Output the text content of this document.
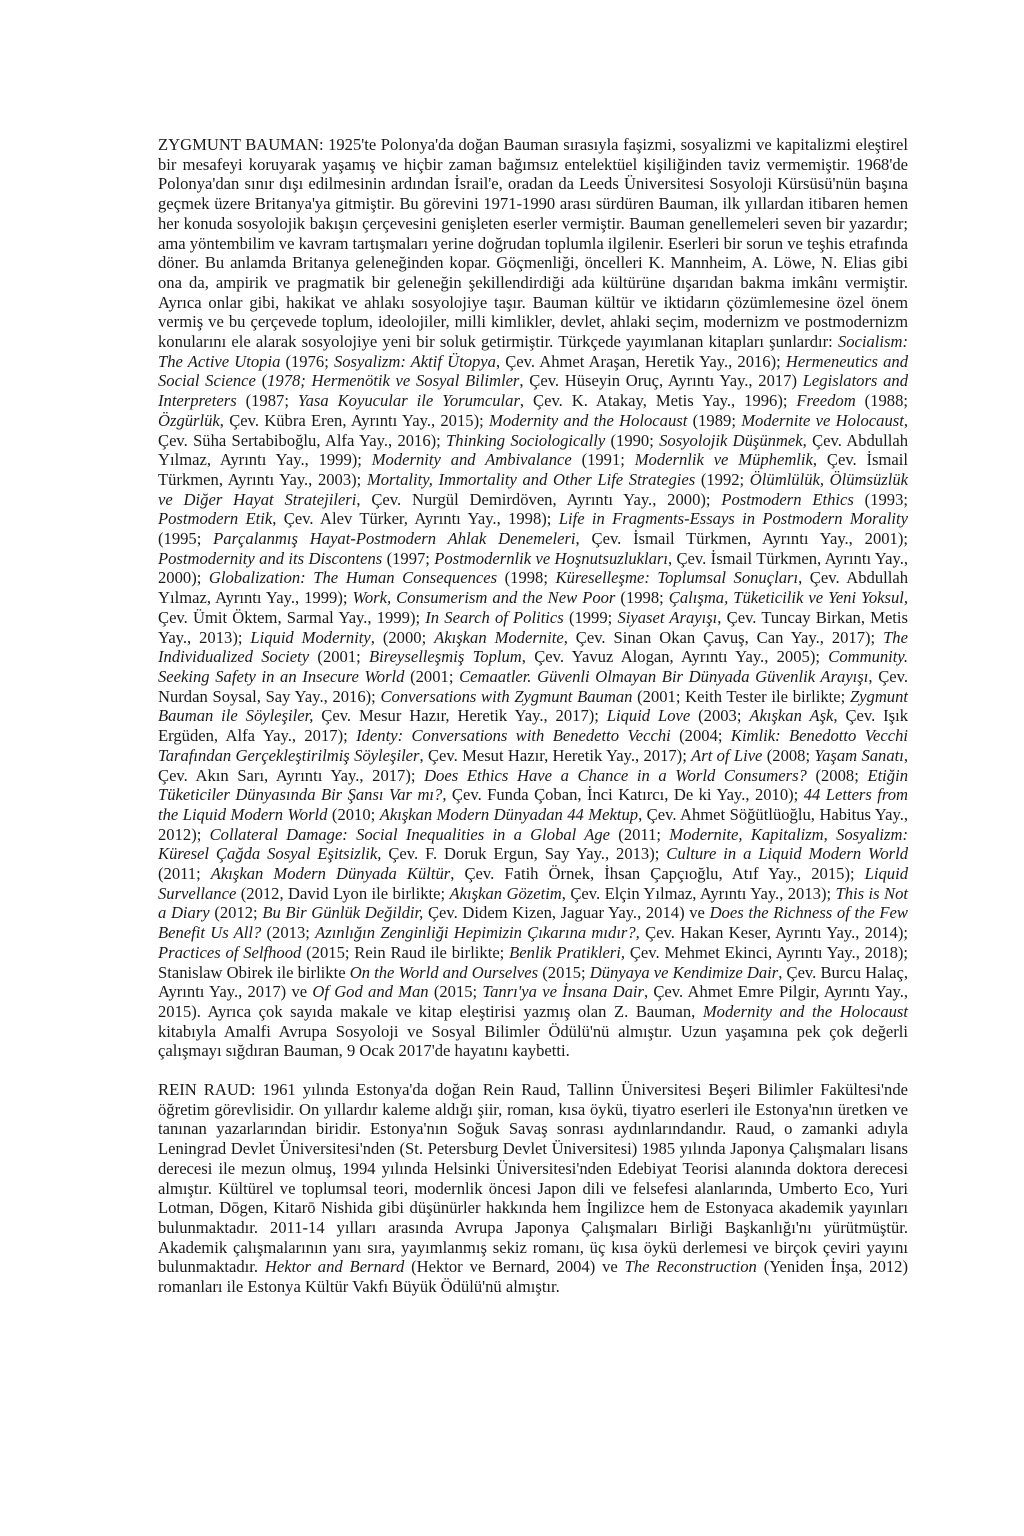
ZYGMUNT BAUMAN: 1925'te Polonya'da doğan Bauman sırasıyla faşizmi, sosyalizmi ve kapitalizmi eleştirel bir mesafeyi koruyarak yaşamış ve hiçbir zaman bağımsız entelektüel kişiliğinden taviz vermemiştir. 1968'de Polonya'dan sınır dışı edilmesinin ardından İsrail'e, oradan da Leeds Üniversitesi Sosyoloji Kürsüsü'nün başına geçmek üzere Britanya'ya gitmiştir. Bu görevini 1971-1990 arası sürdüren Bauman, ilk yıllardan itibaren hemen her konuda sosyolojik bakışın çerçevesini genişleten eserler vermiştir. Bauman genellemeleri seven bir yazardır; ama yöntembilim ve kavram tartışmaları yerine doğrudan toplumla ilgilenir. Eserleri bir sorun ve teşhis etrafında döner. Bu anlamda Britanya geleneğinden kopar. Göçmenliği, öncelleri K. Mannheim, A. Löwe, N. Elias gibi ona da, ampirik ve pragmatik bir geleneğin şekillendirdiği ada kültürüne dışarıdan bakma imkânı vermiştir. Ayrıca onlar gibi, hakikat ve ahlakı sosyolojiye taşır. Bauman kültür ve iktidarın çözümlemesine özel önem vermiş ve bu çerçevede toplum, ideolojiler, milli kimlikler, devlet, ahlaki seçim, modernizm ve postmodernizm konularını ele alarak sosyolojiye yeni bir soluk getirmiştir. Türkçede yayımlanan kitapları şunlardır: Socialism: The Active Utopia (1976; Sosyalizm: Aktif Ütopya, Çev. Ahmet Araşan, Heretik Yay., 2016); Hermeneutics and Social Science (1978; Hermenötik ve Sosyal Bilimler, Çev. Hüseyin Oruç, Ayrıntı Yay., 2017) Legislators and Interpreters (1987; Yasa Koyucular ile Yorumcular, Çev. K. Atakay, Metis Yay., 1996); Freedom (1988; Özgürlük, Çev. Kübra Eren, Ayrıntı Yay., 2015); Modernity and the Holocaust (1989; Modernite ve Holocaust, Çev. Süha Sertabiboğlu, Alfa Yay., 2016); Thinking Sociologically (1990; Sosyolojik Düşünmek, Çev. Abdullah Yılmaz, Ayrıntı Yay., 1999); Modernity and Ambivalance (1991; Modernlik ve Müphemlik, Çev. İsmail Türkmen, Ayrıntı Yay., 2003); Mortality, Immortality and Other Life Strategies (1992; Ölümlülük, Ölümsüzlük ve Diğer Hayat Stratejileri, Çev. Nurgül Demirdöven, Ayrıntı Yay., 2000); Postmodern Ethics (1993; Postmodern Etik, Çev. Alev Türker, Ayrıntı Yay., 1998); Life in Fragments-Essays in Postmodern Morality (1995; Parçalanmış Hayat-Postmodern Ahlak Denemeleri, Çev. İsmail Türkmen, Ayrıntı Yay., 2001); Postmodernity and its Discontens (1997; Postmodernlik ve Hoşnutsuzlukları, Çev. İsmail Türkmen, Ayrıntı Yay., 2000); Globalization: The Human Consequences (1998; Küreselleşme: Toplumsal Sonuçları, Çev. Abdullah Yılmaz, Ayrıntı Yay., 1999); Work, Consumerism and the New Poor (1998; Çalışma, Tüketicilik ve Yeni Yoksul, Çev. Ümit Öktem, Sarmal Yay., 1999); In Search of Politics (1999; Siyaset Arayışı, Çev. Tuncay Birkan, Metis Yay., 2013); Liquid Modernity, (2000; Akışkan Modernite, Çev. Sinan Okan Çavuş, Can Yay., 2017); The Individualized Society (2001; Bireyselleşmiş Toplum, Çev. Yavuz Alogan, Ayrıntı Yay., 2005); Community. Seeking Safety in an Insecure World (2001; Cemaatler. Güvenli Olmayan Bir Dünyada Güvenlik Arayışı, Çev. Nurdan Soysal, Say Yay., 2016); Conversations with Zygmunt Bauman (2001; Keith Tester ile birlikte; Zygmunt Bauman ile Söyleşiler, Çev. Mesur Hazır, Heretik Yay., 2017); Liquid Love (2003; Akışkan Aşk, Çev. Işık Ergüden, Alfa Yay., 2017); Identy: Conversations with Benedetto Vecchi (2004; Kimlik: Benedotto Vecchi Tarafından Gerçekleştirilmiş Söyleşiler, Çev. Mesut Hazır, Heretik Yay., 2017); Art of Live (2008; Yaşam Sanatı, Çev. Akın Sarı, Ayrıntı Yay., 2017); Does Ethics Have a Chance in a World Consumers? (2008; Etiğin Tüketiciler Dünyasında Bir Şansı Var mı?, Çev. Funda Çoban, İnci Katırcı, De ki Yay., 2010); 44 Letters from the Liquid Modern World (2010; Akışkan Modern Dünyadan 44 Mektup, Çev. Ahmet Söğütlüoğlu, Habitus Yay., 2012); Collateral Damage: Social Inequalities in a Global Age (2011; Modernite, Kapitalizm, Sosyalizm: Küresel Çağda Sosyal Eşitsizlik, Çev. F. Doruk Ergun, Say Yay., 2013); Culture in a Liquid Modern World (2011; Akışkan Modern Dünyada Kültür, Çev. Fatih Örnek, İhsan Çapçıoğlu, Atıf Yay., 2015); Liquid Survellance (2012, David Lyon ile birlikte; Akışkan Gözetim, Çev. Elçin Yılmaz, Ayrıntı Yay., 2013); This is Not a Diary (2012; Bu Bir Günlük Değildir, Çev. Didem Kizen, Jaguar Yay., 2014) ve Does the Richness of the Few Benefit Us All? (2013; Azınlığın Zenginliği Hepimizin Çıkarına mıdır?, Çev. Hakan Keser, Ayrıntı Yay., 2014); Practices of Selfhood (2015; Rein Raud ile birlikte; Benlik Pratikleri, Çev. Mehmet Ekinci, Ayrıntı Yay., 2018); Stanislaw Obirek ile birlikte On the World and Ourselves (2015; Dünyaya ve Kendimize Dair, Çev. Burcu Halaç, Ayrıntı Yay., 2017) ve Of God and Man (2015; Tanrı'ya ve İnsana Dair, Çev. Ahmet Emre Pilgir, Ayrıntı Yay., 2015). Ayrıca çok sayıda makale ve kitap eleştirisi yazmış olan Z. Bauman, Modernity and the Holocaust kitabıyla Amalfi Avrupa Sosyoloji ve Sosyal Bilimler Ödülü'nü almıştır. Uzun yaşamına pek çok değerli çalışmayı sığdıran Bauman, 9 Ocak 2017'de hayatını kaybetti.

REIN RAUD: 1961 yılında Estonya'da doğan Rein Raud, Tallinn Üniversitesi Beşeri Bilimler Fakültesi'nde öğretim görevlisidir. On yıllardır kaleme aldığı şiir, roman, kısa öykü, tiyatro eserleri ile Estonya'nın üretken ve tanınan yazarlarından biridir. Estonya'nın Soğuk Savaş sonrası aydınlarındandır. Raud, o zamanki adıyla Leningrad Devlet Üniversitesi'nden (St. Petersburg Devlet Üniversitesi) 1985 yılında Japonya Çalışmaları lisans derecesi ile mezun olmuş, 1994 yılında Helsinki Üniversitesi'nden Edebiyat Teorisi alanında doktora derecesi almıştır. Kültürel ve toplumsal teori, modernlik öncesi Japon dili ve felsefesi alanlarında, Umberto Eco, Yuri Lotman, Dōgen, Kitarō Nishida gibi düşünürler hakkında hem İngilizce hem de Estonyaca akademik yayınları bulunmaktadır. 2011-14 yılları arasında Avrupa Japonya Çalışmaları Birliği Başkanlığı'nı yürütmüştür. Akademik çalışmalarının yanı sıra, yayımlanmış sekiz romanı, üç kısa öykü derlemesi ve birçok çeviri yayını bulunmaktadır. Hektor and Bernard (Hektor ve Bernard, 2004) ve The Reconstruction (Yeniden İnşa, 2012) romanları ile Estonya Kültür Vakfı Büyük Ödülü'nü almıştır.
